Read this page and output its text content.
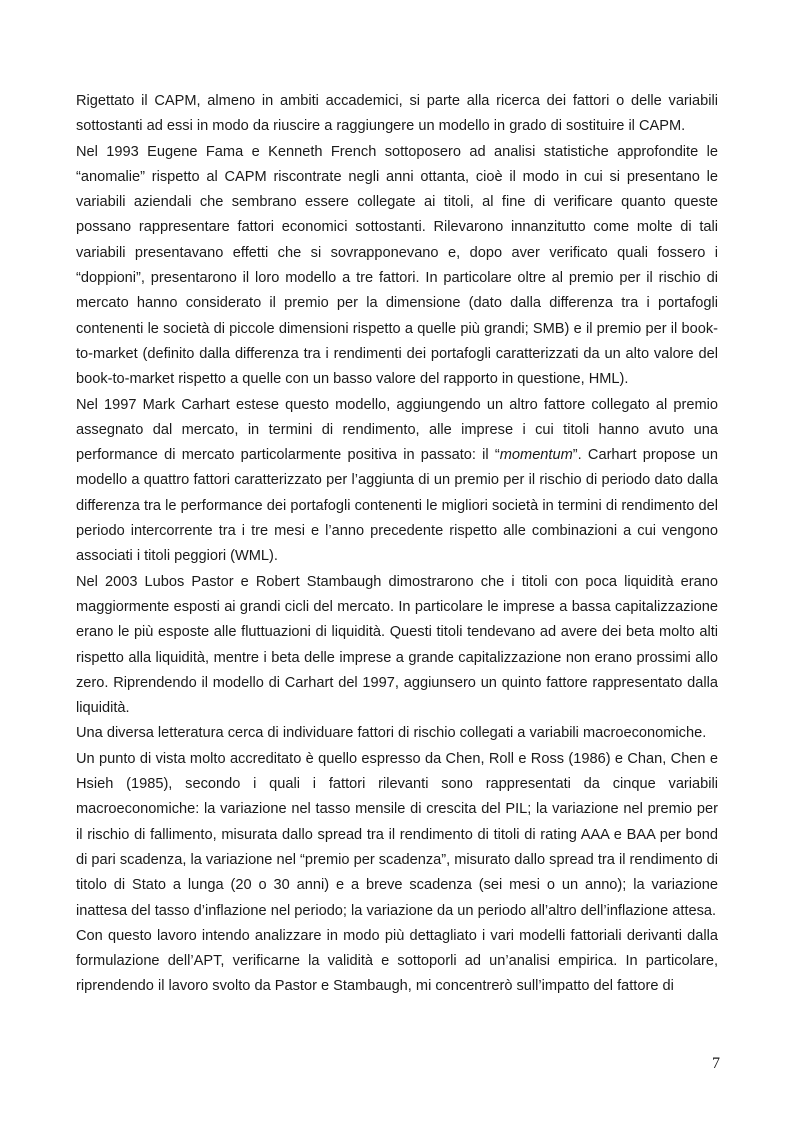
Rigettato il CAPM, almeno in ambiti accademici, si parte alla ricerca dei fattori o delle variabili sottostanti ad essi in modo da riuscire a raggiungere un modello in grado di sostituire il CAPM.

Nel 1993 Eugene Fama e Kenneth French sottoposero ad analisi statistiche approfondite le “anomalie” rispetto al CAPM riscontrate negli anni ottanta, cioè il modo in cui si presentano le variabili aziendali che sembrano essere collegate ai titoli, al fine di verificare quanto queste possano rappresentare fattori economici sottostanti. Rilevarono innanzitutto come molte di tali variabili presentavano effetti che si sovrapponevano e, dopo aver verificato quali fossero i “doppioni”, presentarono il loro modello a tre fattori. In particolare oltre al premio per il rischio di mercato hanno considerato il premio per la dimensione (dato dalla differenza tra i portafogli contenenti le società di piccole dimensioni rispetto a quelle più grandi; SMB) e il premio per il book-to-market (definito dalla differenza tra i rendimenti dei portafogli caratterizzati da un alto valore del book-to-market rispetto a quelle con un basso valore del rapporto in questione, HML).

Nel 1997 Mark Carhart estese questo modello, aggiungendo un altro fattore collegato al premio assegnato dal mercato, in termini di rendimento, alle imprese i cui titoli hanno avuto una performance di mercato particolarmente positiva in passato: il “momentum”. Carhart propose un modello a quattro fattori caratterizzato per l’aggiunta di un premio per il rischio di periodo dato dalla differenza tra le performance dei portafogli contenenti le migliori società in termini di rendimento del periodo intercorrente tra i tre mesi e l’anno precedente rispetto alle combinazioni a cui vengono associati i titoli peggiori (WML).

Nel 2003 Lubos Pastor e Robert Stambaugh dimostrarono che i titoli con poca liquidità erano maggiormente esposti ai grandi cicli del mercato. In particolare le imprese a bassa capitalizzazione erano le più esposte alle fluttuazioni di liquidità. Questi titoli tendevano ad avere dei beta molto alti rispetto alla liquidità, mentre i beta delle imprese a grande capitalizzazione non erano prossimi allo zero. Riprendendo il modello di Carhart del 1997, aggiunsero un quinto fattore rappresentato dalla liquidità.

Una diversa letteratura cerca di individuare fattori di rischio collegati a variabili macroeconomiche.

Un punto di vista molto accreditato è quello espresso da Chen, Roll e Ross (1986) e Chan, Chen e Hsieh (1985), secondo i quali i fattori rilevanti sono rappresentati da cinque variabili macroeconomiche: la variazione nel tasso mensile di crescita del PIL; la variazione nel premio per il rischio di fallimento, misurata dallo spread tra il rendimento di titoli di rating AAA e BAA per bond di pari scadenza, la variazione nel “premio per scadenza”, misurato dallo spread tra il rendimento di titolo di Stato a lunga (20 o 30 anni) e a breve scadenza (sei mesi o un anno); la variazione inattesa del tasso d’inflazione nel periodo; la variazione da un periodo all’altro dell’inflazione attesa.

Con questo lavoro intendo analizzare in modo più dettagliato i vari modelli fattoriali derivanti dalla formulazione dell’APT, verificarne la validità e sottoporli ad un’analisi empirica. In particolare, riprendendo il lavoro svolto da Pastor e Stambaugh, mi concentrerò sull’impatto del fattore di

7
